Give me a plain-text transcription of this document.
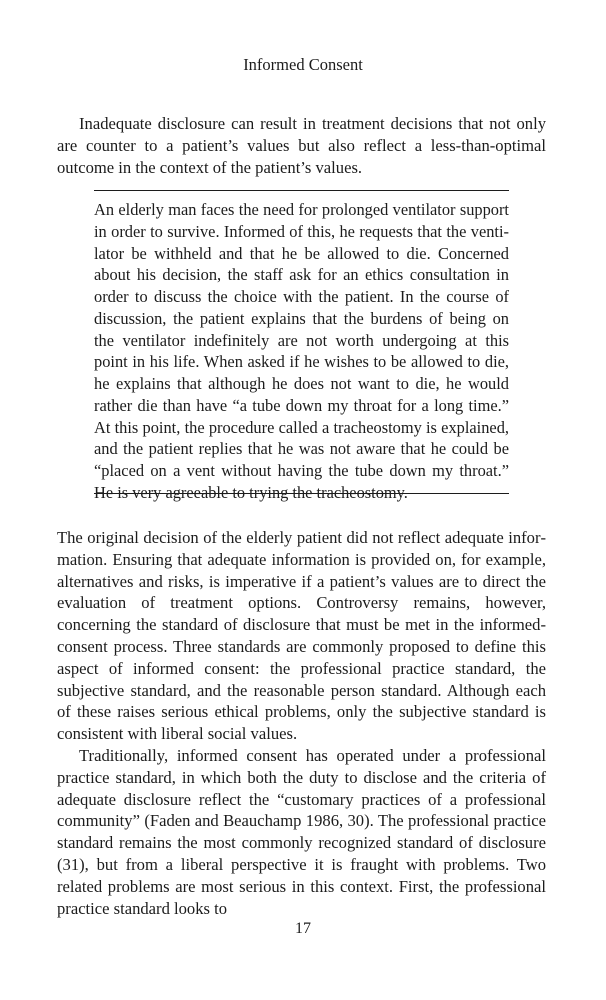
Informed Consent

Inadequate disclosure can result in treatment decisions that not only are counter to a patient’s values but also reflect a less-than-optimal outcome in the context of the patient’s values.

An elderly man faces the need for prolonged ventilator support in order to survive. Informed of this, he requests that the ventilator be withheld and that he be allowed to die. Concerned about his decision, the staff ask for an ethics consultation in order to discuss the choice with the patient. In the course of discussion, the patient explains that the burdens of being on the ventilator indefinitely are not worth undergoing at this point in his life. When asked if he wishes to be allowed to die, he explains that although he does not want to die, he would rather die than have “a tube down my throat for a long time.” At this point, the procedure called a tracheostomy is explained, and the patient replies that he was not aware that he could be “placed on a vent without having the tube down my throat.” He is very agreeable to trying the tracheostomy.

The original decision of the elderly patient did not reflect adequate information. Ensuring that adequate information is provided on, for example, alternatives and risks, is imperative if a patient’s values are to direct the evaluation of treatment options. Controversy remains, however, concerning the standard of disclosure that must be met in the informed-consent process. Three standards are commonly proposed to define this aspect of informed consent: the professional practice standard, the subjective standard, and the reasonable person standard. Although each of these raises serious ethical problems, only the subjective standard is consistent with liberal social values.

Traditionally, informed consent has operated under a professional practice standard, in which both the duty to disclose and the criteria of adequate disclosure reflect the “customary practices of a professional community” (Faden and Beauchamp 1986, 30). The professional practice standard remains the most commonly recognized standard of disclosure (31), but from a liberal perspective it is fraught with problems. Two related problems are most serious in this context. First, the professional practice standard looks to

17
